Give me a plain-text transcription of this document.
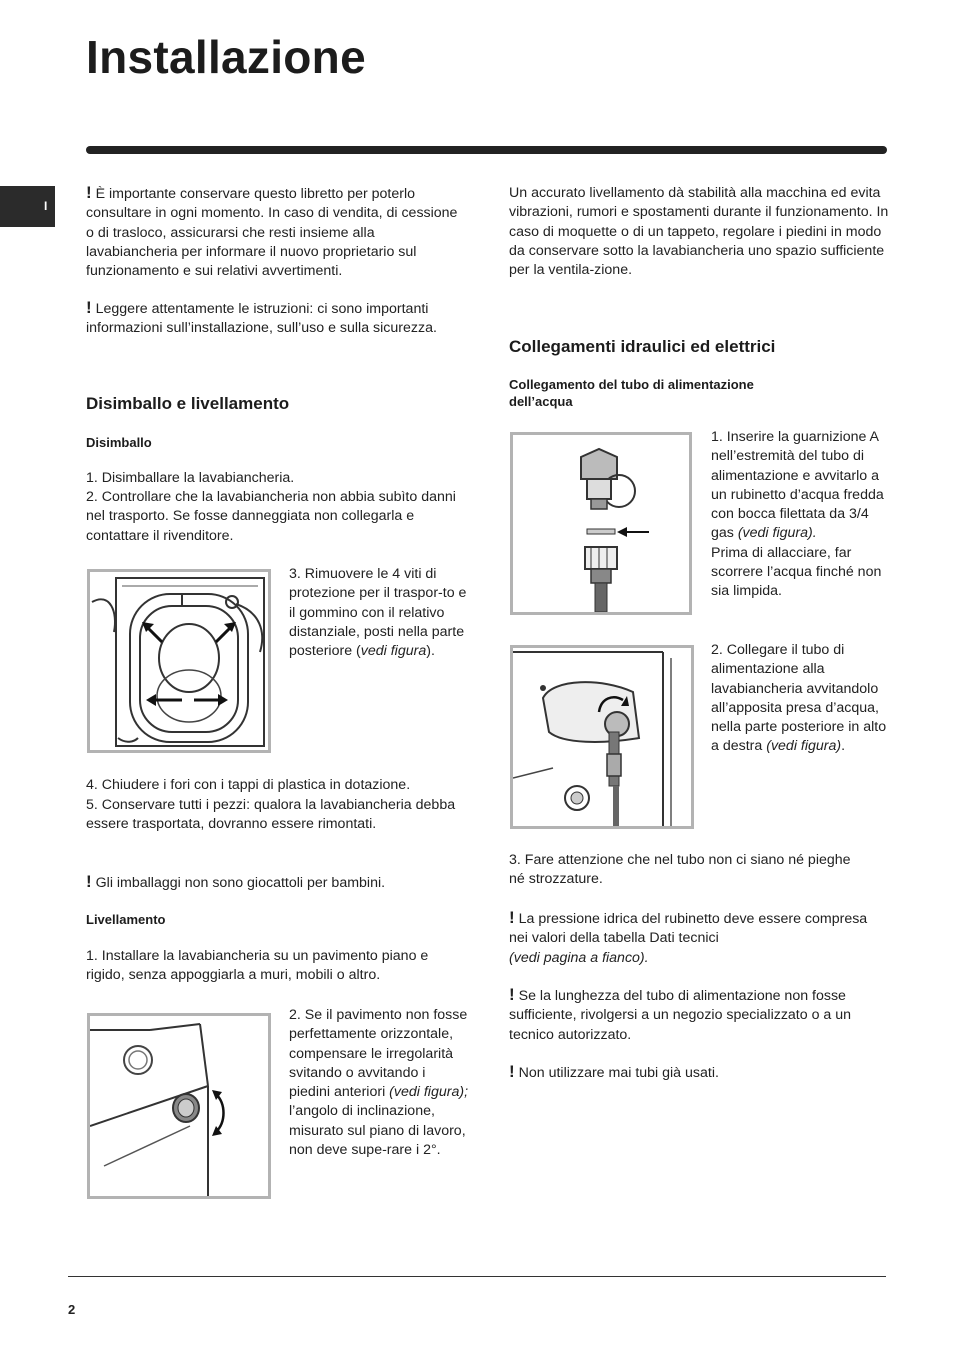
Installazione
I

! È importante conservare questo libretto per poterlo consultare in ogni momento. In caso di vendita, di cessione o di trasloco, assicurarsi che resti insieme alla lavabiancheria per informare il nuovo proprietario sul funzionamento e sui relativi avvertimenti.

! Leggere attentamente le istruzioni: ci sono importanti informazioni sull’installazione, sull’uso e sulla sicurezza.

Disimballo e livellamento
Disimballo

1. Disimballare la lavabiancheria.

2. Controllare che la lavabiancheria non abbia subìto danni nel trasporto. Se fosse danneggiata non collegarla e contattare il rivenditore.

3. Rimuovere le 4 viti di protezione per il traspor-to e il gommino con il relativo distanziale, posti nella parte posteriore (vedi figura).

4. Chiudere i fori con i tappi di plastica in dotazione.

5. Conservare tutti i pezzi: qualora la lavabiancheria debba essere trasportata, dovranno essere rimontati.

! Gli imballaggi non sono giocattoli per bambini.

Livellamento

1. Installare la lavabiancheria su un pavimento piano e rigido, senza appoggiarla a muri, mobili o altro.

2. Se il pavimento non fosse perfettamente orizzontale, compensare le irregolarità svitando o avvitando i piedini anteriori (vedi figura); l’angolo di inclinazione, misurato sul piano di lavoro, non deve supe-rare i 2°.

Un accurato livellamento dà stabilità alla macchina ed evita vibrazioni, rumori e spostamenti durante il funzionamento. In caso di moquette o di un tappeto, regolare i piedini in modo da conservare sotto la lavabiancheria uno spazio sufficiente per la ventila-zione.

Collegamenti idraulici ed elettrici
Collegamento del tubo di alimentazione dell’acqua

1. Inserire la guarnizione A nell’estremità del tubo di alimentazione e avvitarlo a un rubinetto d’acqua fredda con bocca filettata da 3/4 gas (vedi figura).
Prima di allacciare, far scorrere l’acqua finché non sia limpida.

2. Collegare il tubo di alimentazione alla lavabiancheria avvitandolo all’apposita presa d’acqua, nella parte posteriore in alto a destra (vedi figura).

3. Fare attenzione che nel tubo non ci siano né pieghe né strozzature.

! La pressione idrica del rubinetto deve essere compresa nei valori della tabella Dati tecnici
(vedi pagina a fianco).

! Se la lunghezza del tubo di alimentazione non fosse sufficiente, rivolgersi a un negozio specializzato o a un tecnico autorizzato.

! Non utilizzare mai tubi già usati.

2
